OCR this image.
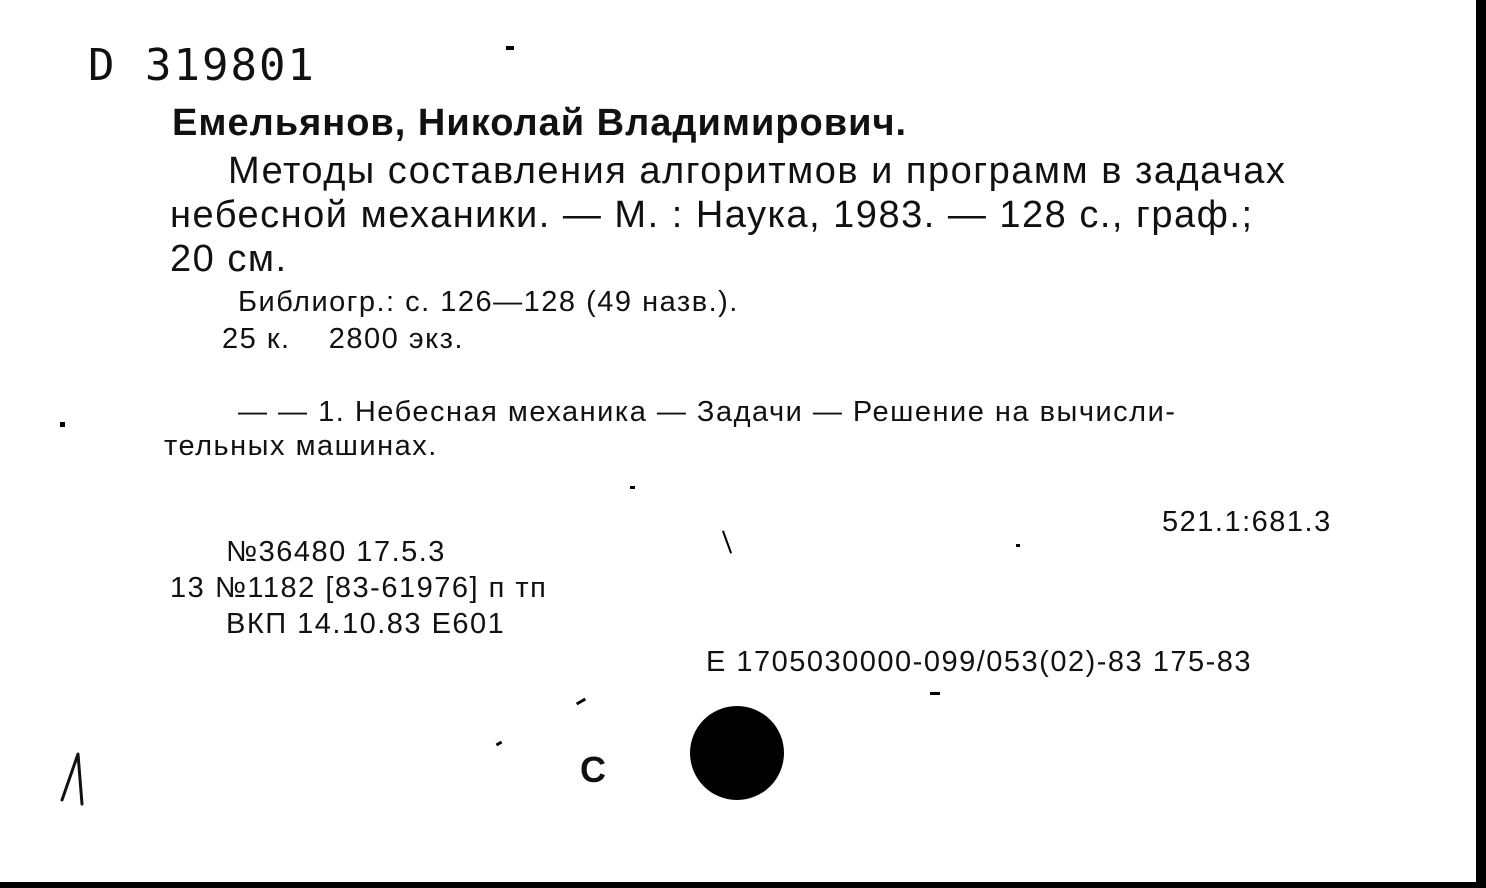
D 319801
Емельянов, Николай Владимирович.
Методы составления алгоритмов и программ в задачах
небесной механики. — М. : Наука, 1983. — 128 с., граф.;
20 см.
Библиогр.: с. 126—128 (49 назв.).
25 к.    2800 экз.
— — 1. Небесная механика — Задачи — Решение на вычисли-
тельных машинах.
521.1:681.3
№36480 17.5.3
13 №1182 [83-61976] п тп
ВКП 14.10.83 Е601
Е 1705030000-099/053(02)-83 175-83
С
